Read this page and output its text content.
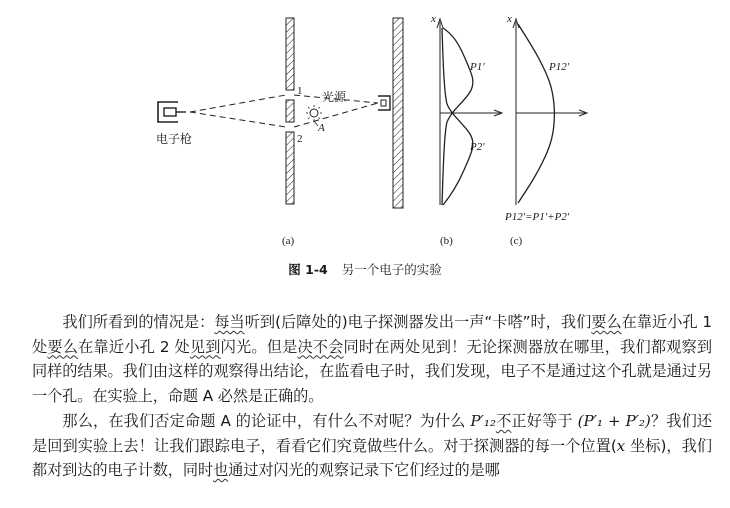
电子枪
1
2
光源
A
x
P1′
P2′
x
P12′
P12′=P1′+P2′
(a)	(b)	(c)
图 1-4 另一个电子的实验

我们所看到的情况是：每当听到(后障处的)电子探测器发出一声“卡嗒”时，我们要么在靠近小孔 1 处要么在靠近小孔 2 处见到闪光。但是决不会同时在两处见到！无论探测器放在哪里，我们都观察到同样的结果。我们由这样的观察得出结论，在监看电子时，我们发现，电子不是通过这个孔就是通过另一个孔。在实验上，命题 A 必然是正确的。

那么，在我们否定命题 A 的论证中，有什么不对呢？为什么 P′₁₂不正好等于 (P′₁ + P′₂)？我们还是回到实验上去！让我们跟踪电子，看看它们究竟做些什么。对于探测器的每一个位置(x 坐标)，我们都对到达的电子计数，同时也通过对闪光的观察记录下它们经过的是哪
